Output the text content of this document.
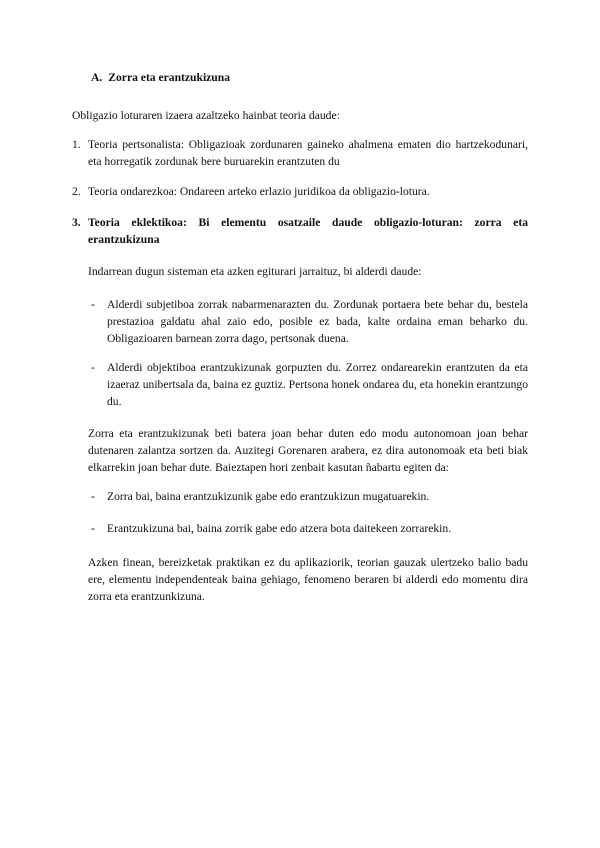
A. Zorra eta erantzukizuna
Obligazio loturaren izaera azaltzeko hainbat teoria daude:
1. Teoria pertsonalista: Obligazioak zordunaren gaineko ahalmena ematen dio hartzekodunari, eta horregatik zordunak bere buruarekin erantzuten du
2. Teoria ondarezkoa: Ondareen arteko erlazio juridikoa da obligazio-lotura.
3. Teoria eklektikoa: Bi elementu osatzaile daude obligazio-loturan: zorra eta erantzukizuna
Indarrean dugun sisteman eta azken egiturari jarraituz, bi alderdi daude:
- Alderdi subjetiboa zorrak nabarmenarazten du. Zordunak portaera bete behar du, bestela prestazioa galdatu ahal zaio edo, posible ez bada, kalte ordaina eman beharko du. Obligazioaren barnean zorra dago, pertsonak duena.
- Alderdi objektiboa erantzukizunak gorpuzten du. Zorrez ondarearekin erantzuten da eta izaeraz unibertsala da, baina ez guztiz. Pertsona honek ondarea du, eta honekin erantzungo du.
Zorra eta erantzukizunak beti batera joan behar duten edo modu autonomoan joan behar dutenaren zalantza sortzen da. Auzitegi Gorenaren arabera, ez dira autonomoak eta beti biak elkarrekin joan behar dute. Baieztapen hori zenbait kasutan ñabartu egiten da:
- Zorra bai, baina erantzukizunik gabe edo erantzukizun mugatuarekin.
- Erantzukizuna bai, baina zorrik gabe edo atzera bota daitekeen zorrarekin.
Azken finean, bereizketak praktikan ez du aplikaziorik, teorian gauzak ulertzeko balio badu ere, elementu independenteak baina gehiago, fenomeno beraren bi alderdi edo momentu dira zorra eta erantzunkizuna.
